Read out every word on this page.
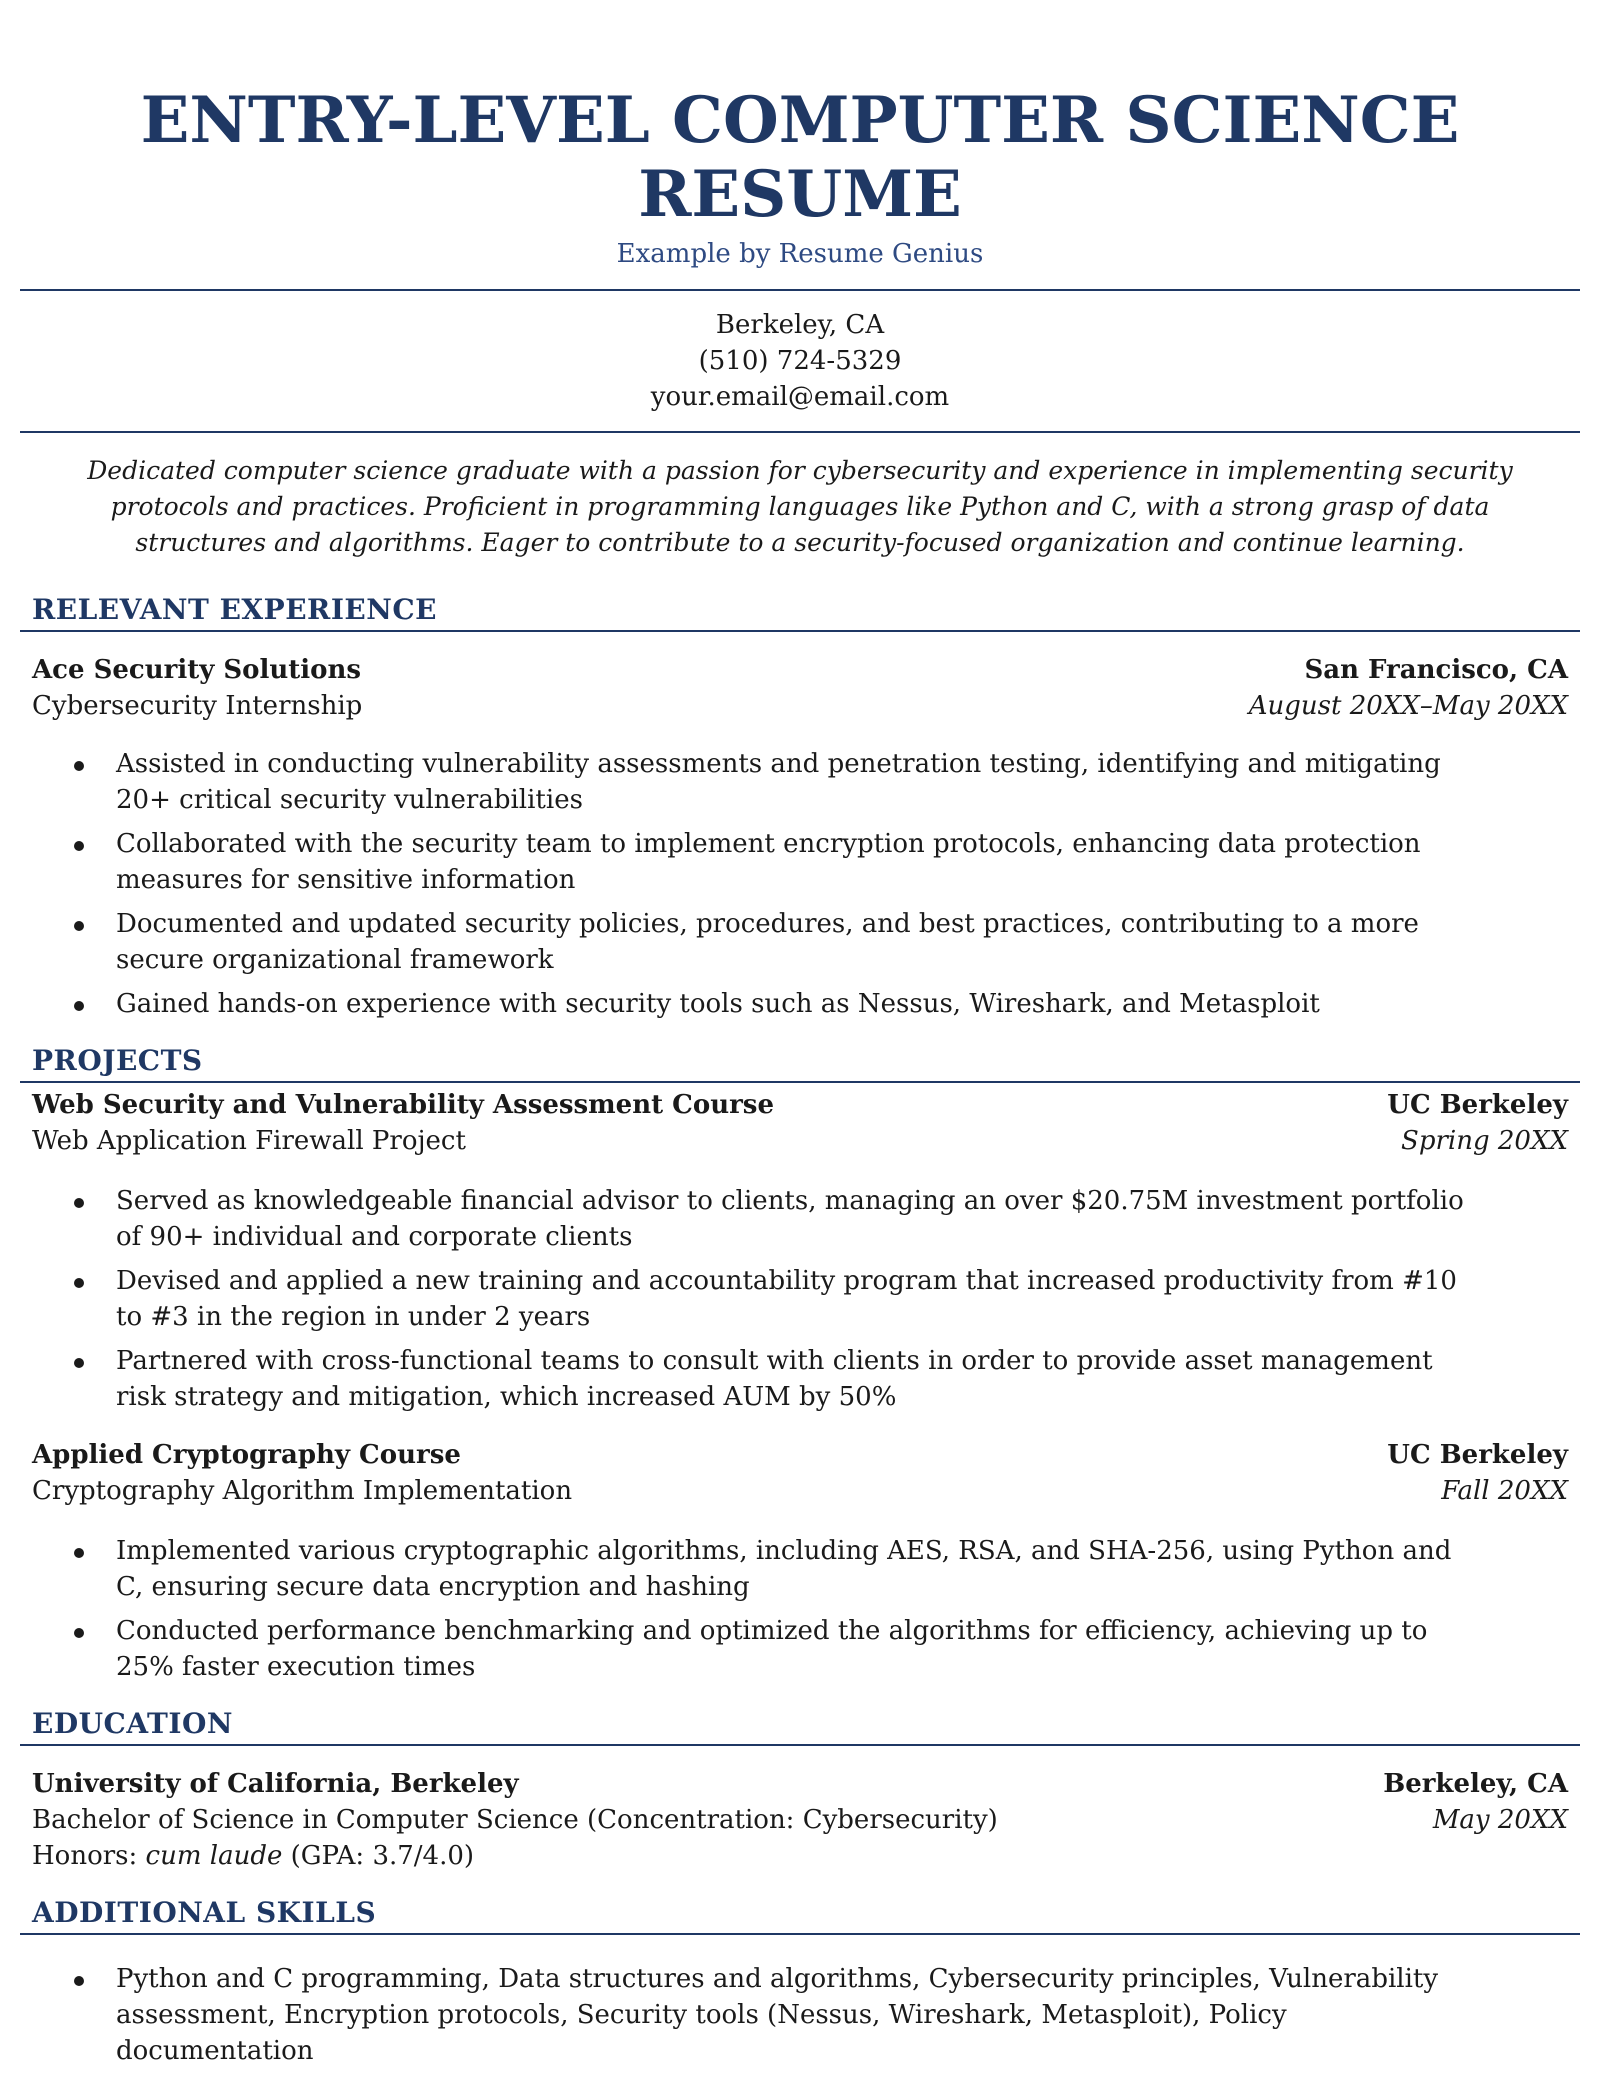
ENTRY-LEVEL COMPUTER SCIENCE RESUME
Example by Resume Genius
Berkeley, CA
(510) 724-5329
your.email@email.com
Dedicated computer science graduate with a passion for cybersecurity and experience in implementing security protocols and practices. Proficient in programming languages like Python and C, with a strong grasp of data structures and algorithms. Eager to contribute to a security-focused organization and continue learning.
RELEVANT EXPERIENCE
Ace Security Solutions	San Francisco, CA
Cybersecurity Internship	August 20XX–May 20XX
Assisted in conducting vulnerability assessments and penetration testing, identifying and mitigating 20+ critical security vulnerabilities
Collaborated with the security team to implement encryption protocols, enhancing data protection measures for sensitive information
Documented and updated security policies, procedures, and best practices, contributing to a more secure organizational framework
Gained hands-on experience with security tools such as Nessus, Wireshark, and Metasploit
PROJECTS
Web Security and Vulnerability Assessment Course	UC Berkeley
Web Application Firewall Project	Spring 20XX
Served as knowledgeable financial advisor to clients, managing an over $20.75M investment portfolio of 90+ individual and corporate clients
Devised and applied a new training and accountability program that increased productivity from #10 to #3 in the region in under 2 years
Partnered with cross-functional teams to consult with clients in order to provide asset management risk strategy and mitigation, which increased AUM by 50%
Applied Cryptography Course	UC Berkeley
Cryptography Algorithm Implementation	Fall 20XX
Implemented various cryptographic algorithms, including AES, RSA, and SHA-256, using Python and C, ensuring secure data encryption and hashing
Conducted performance benchmarking and optimized the algorithms for efficiency, achieving up to 25% faster execution times
EDUCATION
University of California, Berkeley	Berkeley, CA
Bachelor of Science in Computer Science (Concentration: Cybersecurity)	May 20XX
Honors: cum laude (GPA: 3.7/4.0)
ADDITIONAL SKILLS
Python and C programming, Data structures and algorithms, Cybersecurity principles, Vulnerability assessment, Encryption protocols, Security tools (Nessus, Wireshark, Metasploit), Policy documentation
